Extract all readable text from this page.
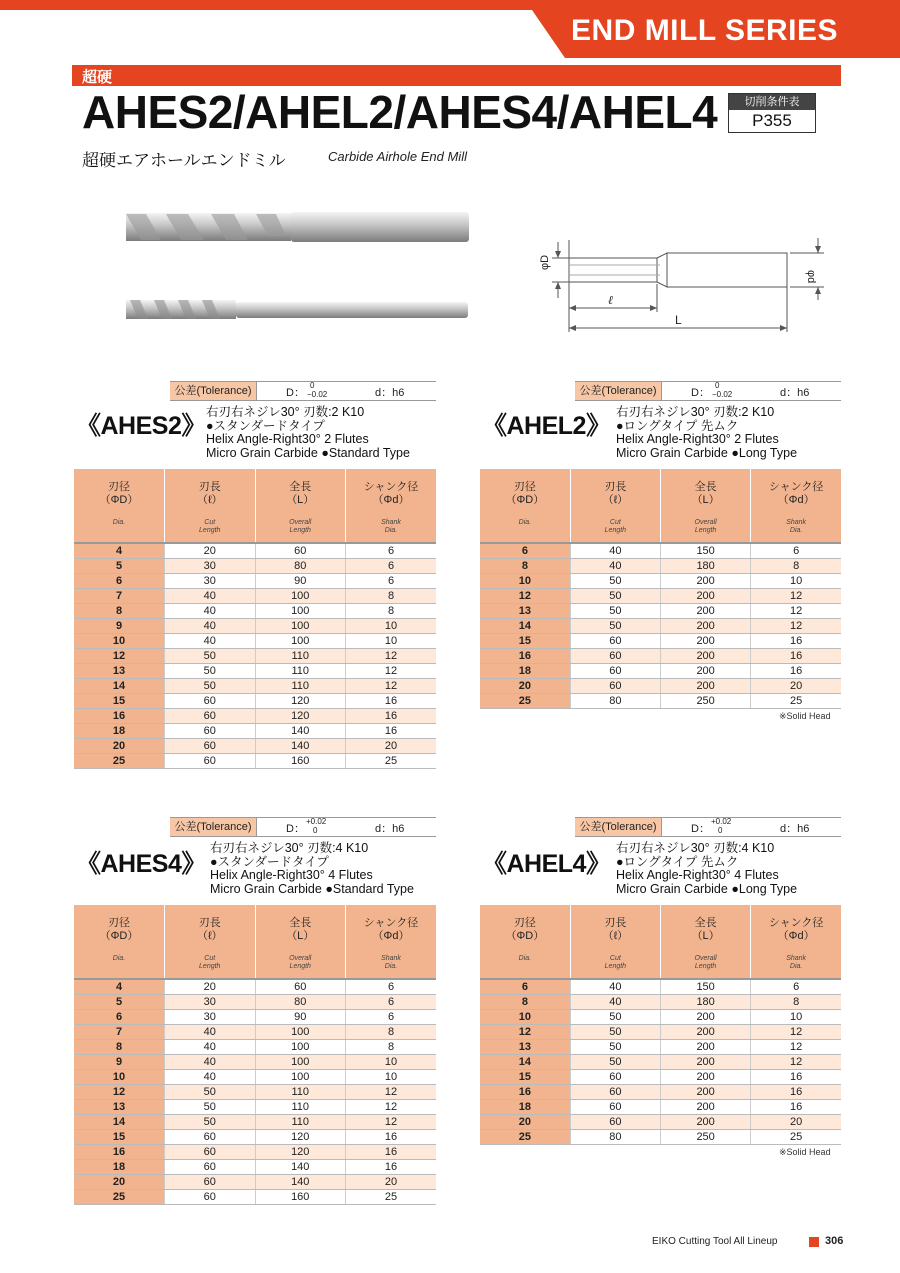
END MILL SERIES
超硬
AHES2/AHEL2/AHES4/AHEL4	切削条件表
P355
超硬エアホールエンドミル	Carbide Airhole End Mill
φD
φd
ℓ
L
公差(Tolerance)	D：
0
−0.02	d：h6
《AHES2》 右刃右ネジレ30° 刃数:2 K10
●スタンダードタイプ
Helix Angle-Right30° 2 Flutes
Micro Grain Carbide ●Standard Type
刃径
（ΦD）
Dia.	刃長
（ℓ）
Cut
Length	全長
（L）
Overall
Length	シャンク径
（Φd）
Shank
Dia.

4	20	60	6
5	30	80	6
6	30	90	6
7	40	100	8
8	40	100	8
9	40	100	10
10	40	100	10
12	50	110	12
13	50	110	12
14	50	110	12
15	60	120	16
16	60	120	16
18	60	140	16
20	60	140	20
25	60	160	25
公差(Tolerance)	D：
0
−0.02	d：h6
《AHEL2》 右刃右ネジレ30° 刃数:2 K10
●ロングタイプ 先ムク
Helix Angle-Right30° 2 Flutes
Micro Grain Carbide ●Long Type
刃径
（ΦD）
Dia.	刃長
（ℓ）
Cut
Length	全長
（L）
Overall
Length	シャンク径
（Φd）
Shank
Dia.

6	40	150	6
8	40	180	8
10	50	200	10
12	50	200	12
13	50	200	12
14	50	200	12
15	60	200	16
16	60	200	16
18	60	200	16
20	60	200	20
25	80	250	25
※Solid Head
公差(Tolerance)	D：
+0.02
0	d：h6
《AHES4》
右刃右ネジレ30° 刃数:4 K10
●スタンダードタイプ
Helix Angle-Right30° 4 Flutes
Micro Grain Carbide ●Standard Type
刃径
（ΦD）
Dia.	刃長
（ℓ）
Cut
Length	全長
（L）
Overall
Length	シャンク径
（Φd）
Shank
Dia.

4	20	60	6
5	30	80	6
6	30	90	6
7	40	100	8
8	40	100	8
9	40	100	10
10	40	100	10
12	50	110	12
13	50	110	12
14	50	110	12
15	60	120	16
16	60	120	16
18	60	140	16
20	60	140	20
25	60	160	25
公差(Tolerance)	D：
+0.02
0	d：h6
《AHEL4》
右刃右ネジレ30° 刃数:4 K10
●ロングタイプ 先ムク
Helix Angle-Right30° 4 Flutes
Micro Grain Carbide ●Long Type
刃径
（ΦD）
Dia.	刃長
（ℓ）
Cut
Length	全長
（L）
Overall
Length	シャンク径
（Φd）
Shank
Dia.

6	40	150	6
8	40	180	8
10	50	200	10
12	50	200	12
13	50	200	12
14	50	200	12
15	60	200	16
16	60	200	16
18	60	200	16
20	60	200	20
25	80	250	25
※Solid Head
EIKO Cutting Tool All Lineup	306
